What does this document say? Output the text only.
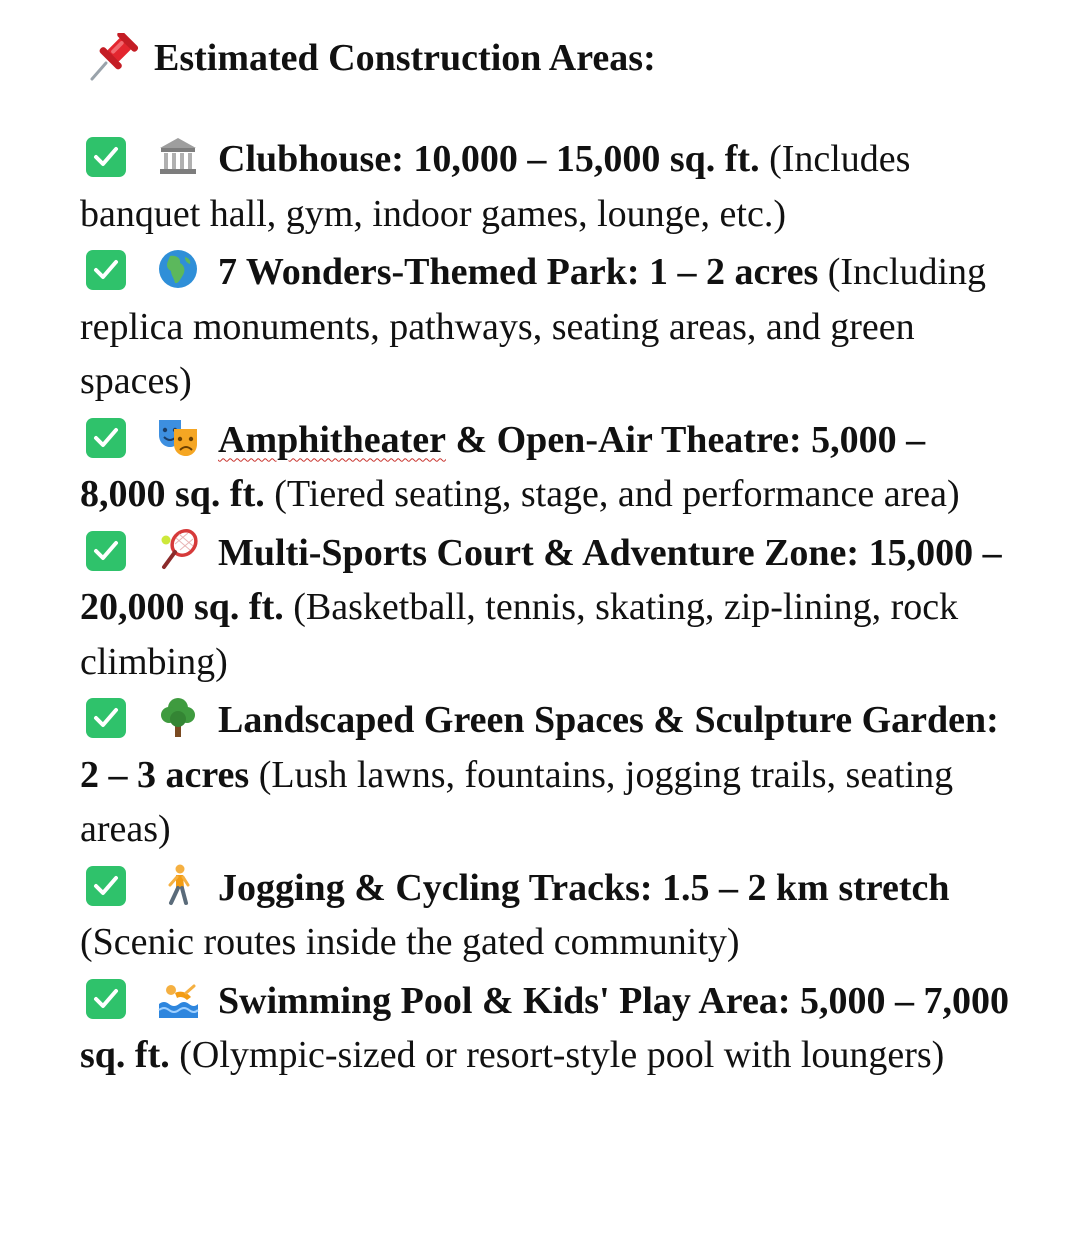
Estimated Construction Areas:
Clubhouse: 10,000 – 15,000 sq. ft. (Includes banquet hall, gym, indoor games, lounge, etc.)
7 Wonders-Themed Park: 1 – 2 acres (Including replica monuments, pathways, seating areas, and green spaces)
Amphitheater & Open-Air Theatre: 5,000 – 8,000 sq. ft. (Tiered seating, stage, and performance area)
Multi-Sports Court & Adventure Zone: 15,000 – 20,000 sq. ft. (Basketball, tennis, skating, zip-lining, rock climbing)
Landscaped Green Spaces & Sculpture Garden: 2 – 3 acres (Lush lawns, fountains, jogging trails, seating areas)
Jogging & Cycling Tracks: 1.5 – 2 km stretch (Scenic routes inside the gated community)
Swimming Pool & Kids' Play Area: 5,000 – 7,000 sq. ft. (Olympic-sized or resort-style pool with loungers)
